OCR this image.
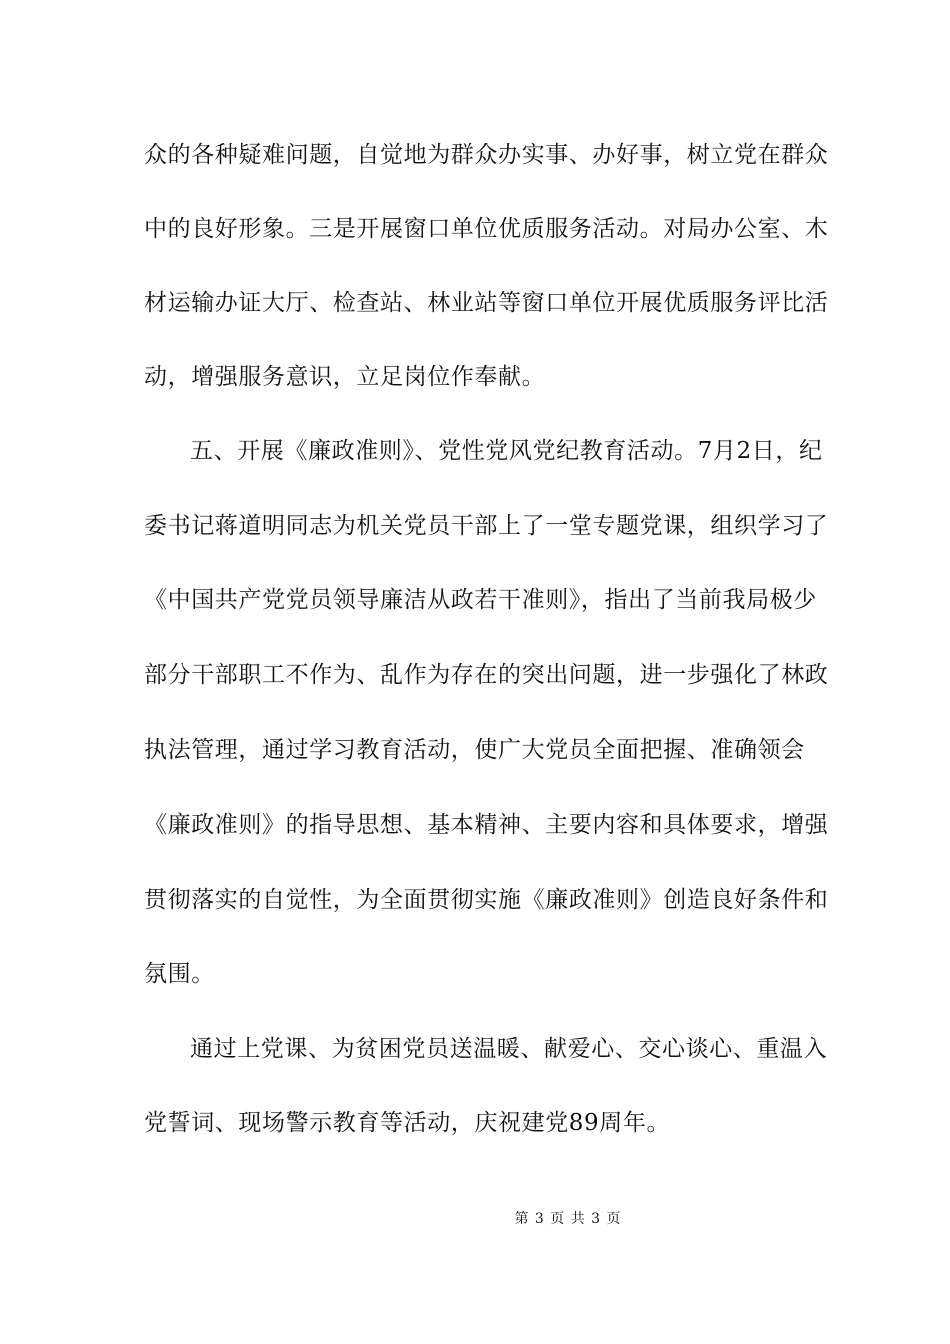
众的各种疑难问题，自觉地为群众办实事、办好事，树立党在群众
中的良好形象。三是开展窗口单位优质服务活动。对局办公室、木
材运输办证大厅、检查站、林业站等窗口单位开展优质服务评比活
动，增强服务意识，立足岗位作奉献。
五、开展《廉政准则》、党性党风党纪教育活动。7月2日，纪
委书记蒋道明同志为机关党员干部上了一堂专题党课，组织学习了
《中国共产党党员领导廉洁从政若干准则》，指出了当前我局极少
部分干部职工不作为、乱作为存在的突出问题，进一步强化了林政
执法管理，通过学习教育活动，使广大党员全面把握、准确领会
《廉政准则》的指导思想、基本精神、主要内容和具体要求，增强
贯彻落实的自觉性，为全面贯彻实施《廉政准则》创造良好条件和
氛围。
通过上党课、为贫困党员送温暖、献爱心、交心谈心、重温入
党誓词、现场警示教育等活动，庆祝建党89周年。
第 3 页 共 3 页
